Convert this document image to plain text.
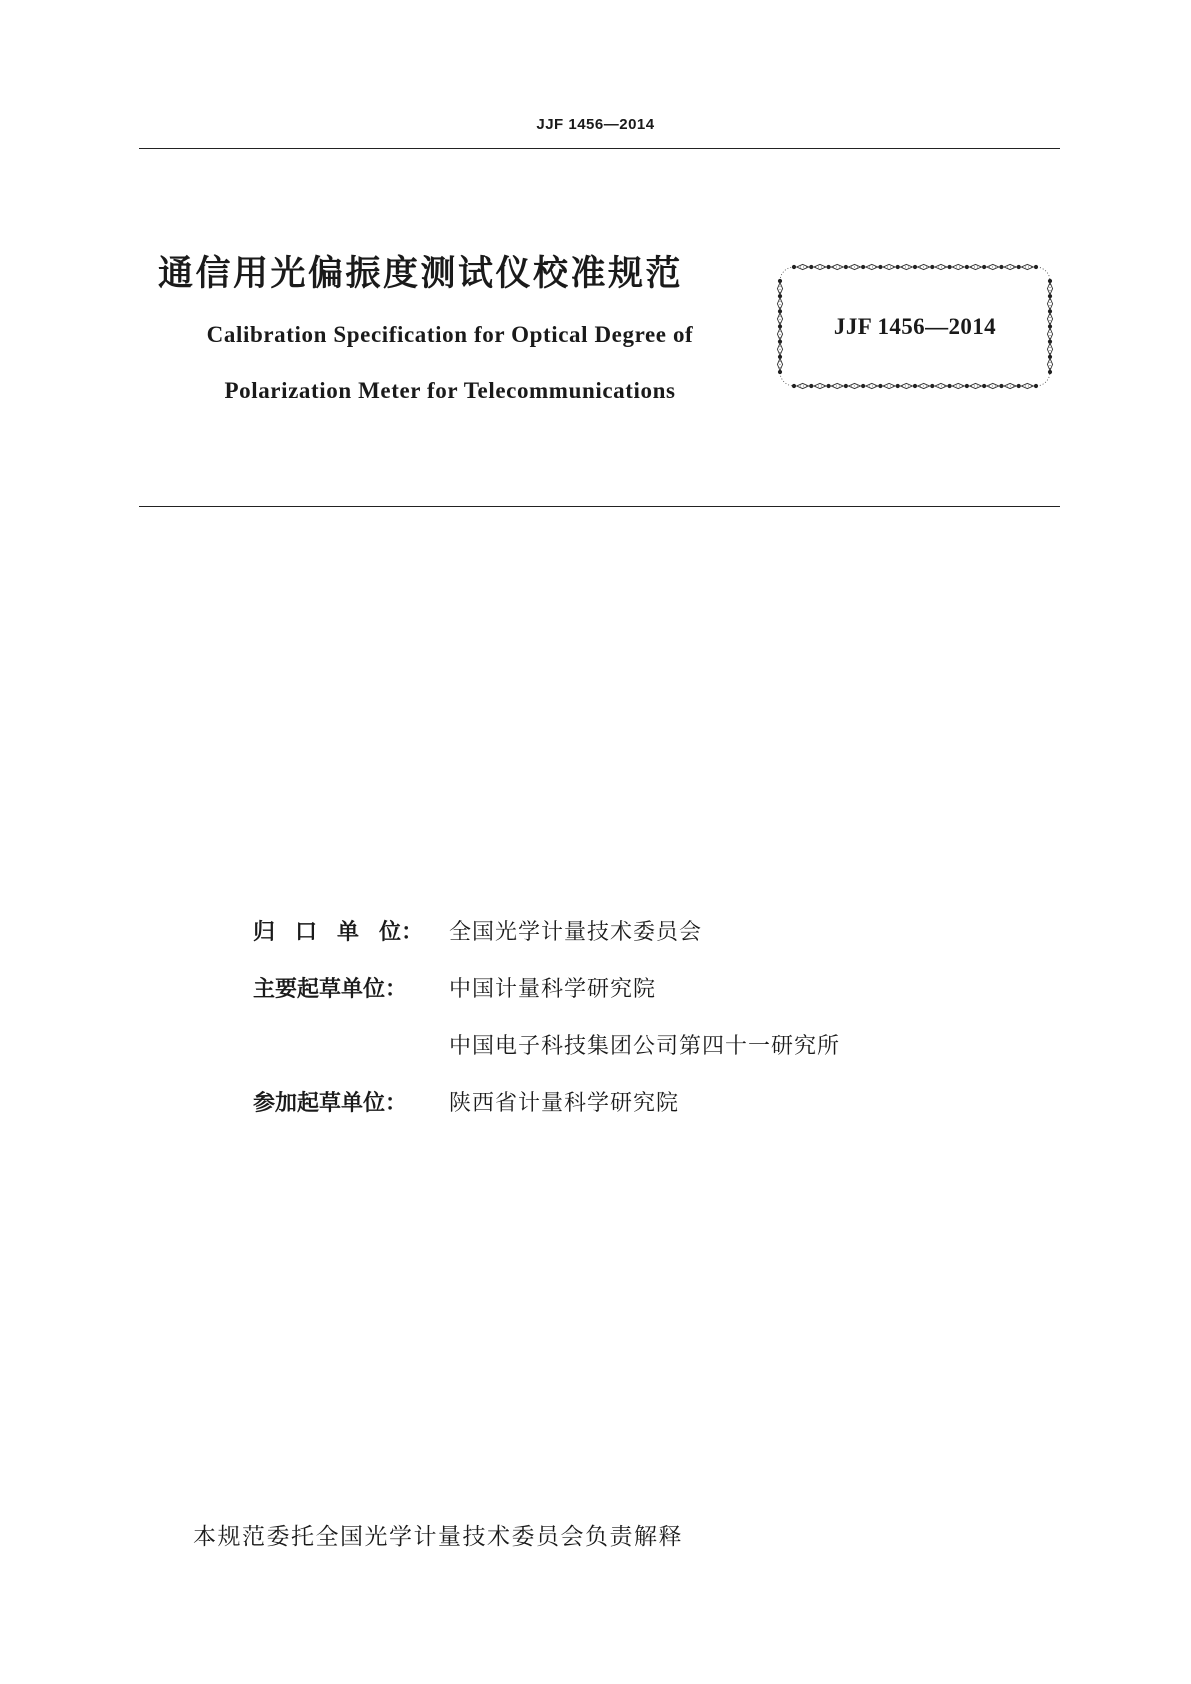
JJF 1456—2014
通信用光偏振度测试仪校准规范
Calibration Specification for Optical Degree of
Polarization Meter for Telecommunications
JJF 1456—2014
归 口 单 位： 全国光学计量技术委员会
主要起草单位： 中国计量科学研究院
中国电子科技集团公司第四十一研究所
参加起草单位： 陕西省计量科学研究院
本规范委托全国光学计量技术委员会负责解释
